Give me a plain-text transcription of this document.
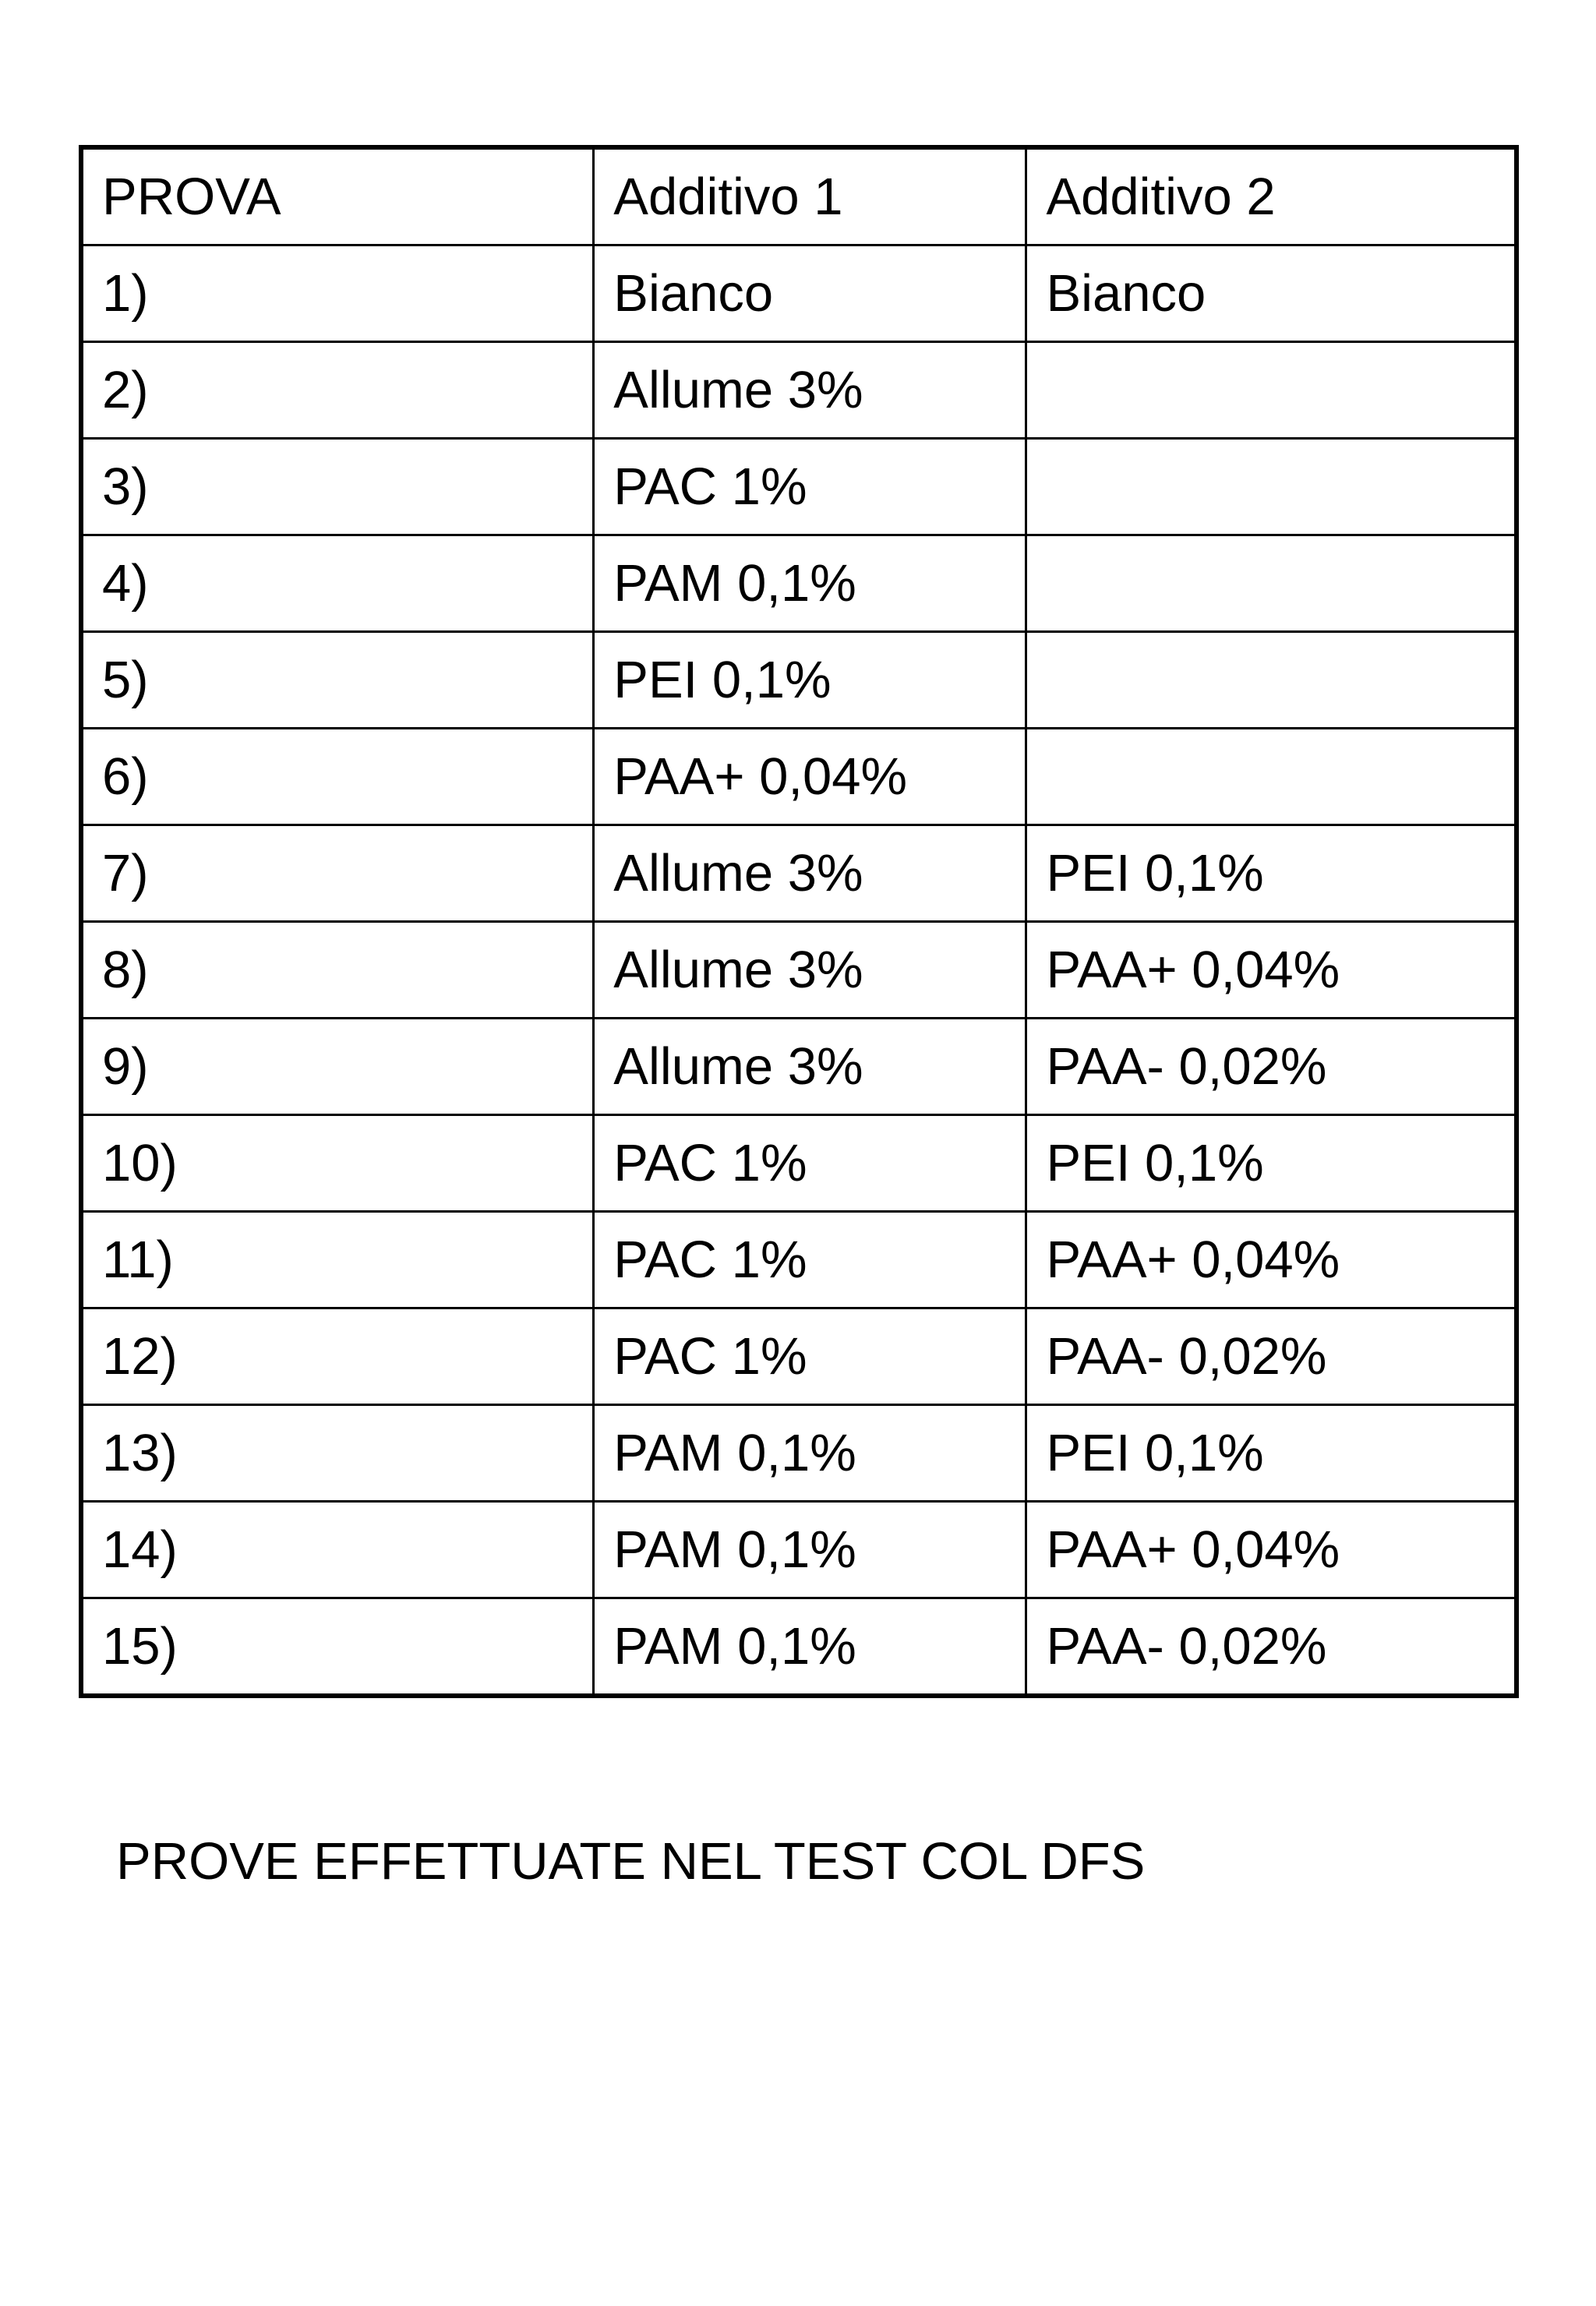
PROVA	Additivo 1	Additivo 2
1)	Bianco	Bianco
2)	Allume 3%	
3)	PAC 1%	
4)	PAM 0,1%	
5)	PEI 0,1%	
6)	PAA+ 0,04%	
7)	Allume 3%	PEI 0,1%
8)	Allume 3%	PAA+ 0,04%
9)	Allume 3%	PAA- 0,02%
10)	PAC 1%	PEI 0,1%
11)	PAC 1%	PAA+ 0,04%
12)	PAC 1%	PAA- 0,02%
13)	PAM 0,1%	PEI 0,1%
14)	PAM 0,1%	PAA+ 0,04%
15)	PAM 0,1%	PAA- 0,02%
PROVE EFFETTUATE NEL TEST COL DFS
